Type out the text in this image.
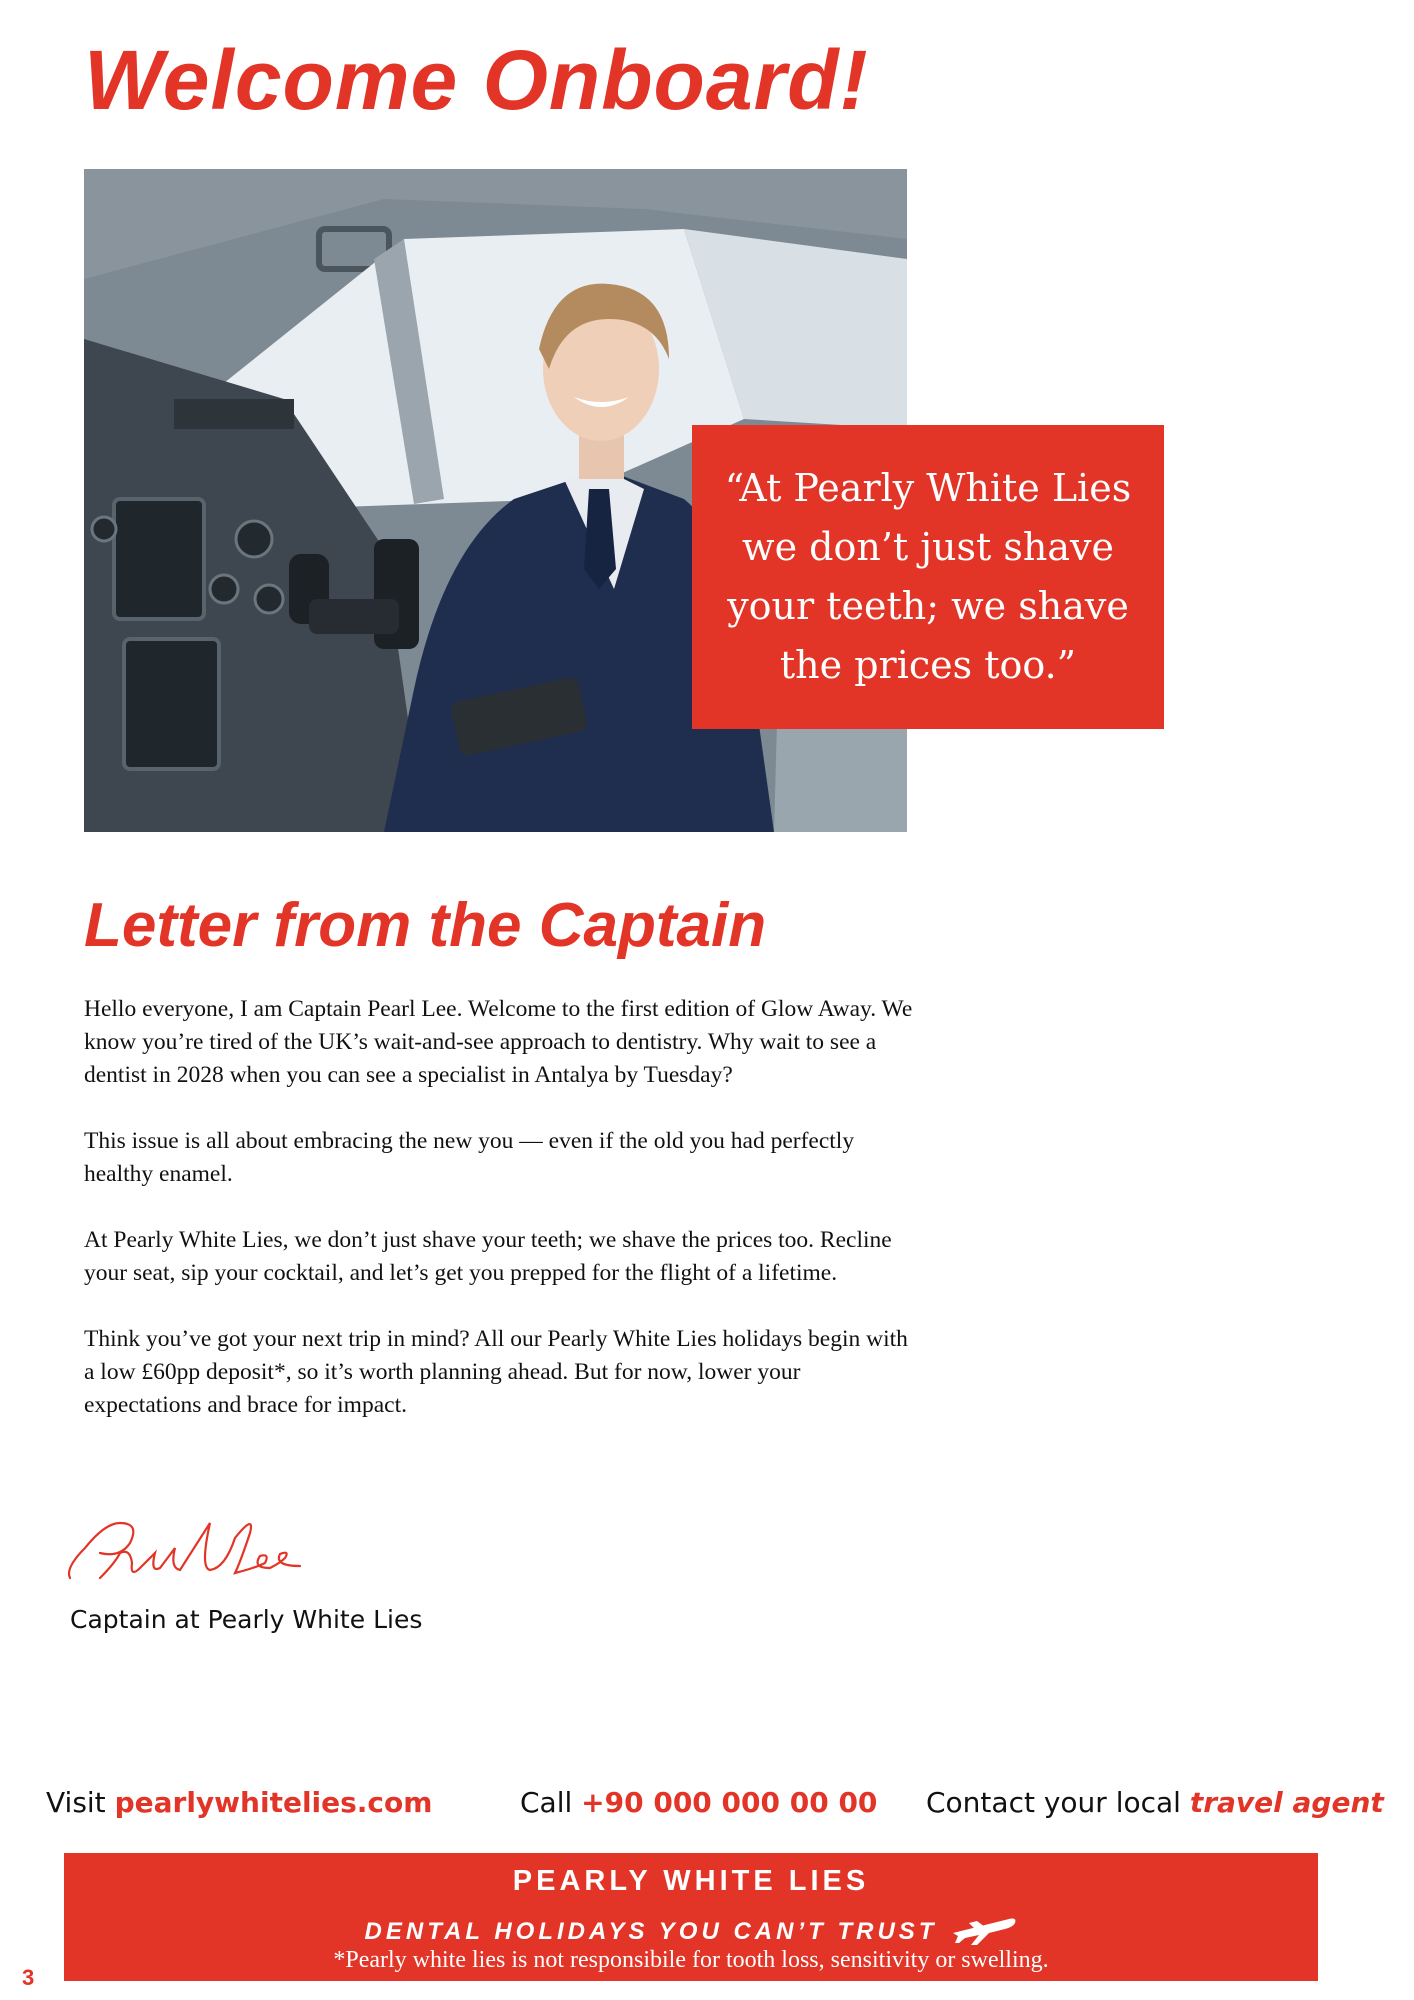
Welcome Onboard!
“At Pearly White Lies we don’t just shave your teeth; we shave the prices too.”
Letter from the Captain

Hello everyone, I am Captain Pearl Lee. Welcome to the first edition of Glow Away. We know you’re tired of the UK’s wait-and-see approach to dentistry. Why wait to see a dentist in 2028 when you can see a specialist in Antalya by Tuesday?

This issue is all about embracing the new you — even if the old you had perfectly healthy enamel.

At Pearly White Lies, we don’t just shave your teeth; we shave the prices too. Recline your seat, sip your cocktail, and let’s get you prepped for the flight of a lifetime.

Think you’ve got your next trip in mind? All our Pearly White Lies holidays begin with a low £60pp deposit*, so it’s worth planning ahead. But for now, lower your expectations and brace for impact.

Captain at Pearly White Lies
Visit pearlywhitelies.com	Call +90 000 000 00 00 Contact your local travel agent
PEARLY WHITE LIES
DENTAL HOLIDAYS YOU CAN’T TRUST
*Pearly white lies is not responsibile for tooth loss, sensitivity or swelling.
3
